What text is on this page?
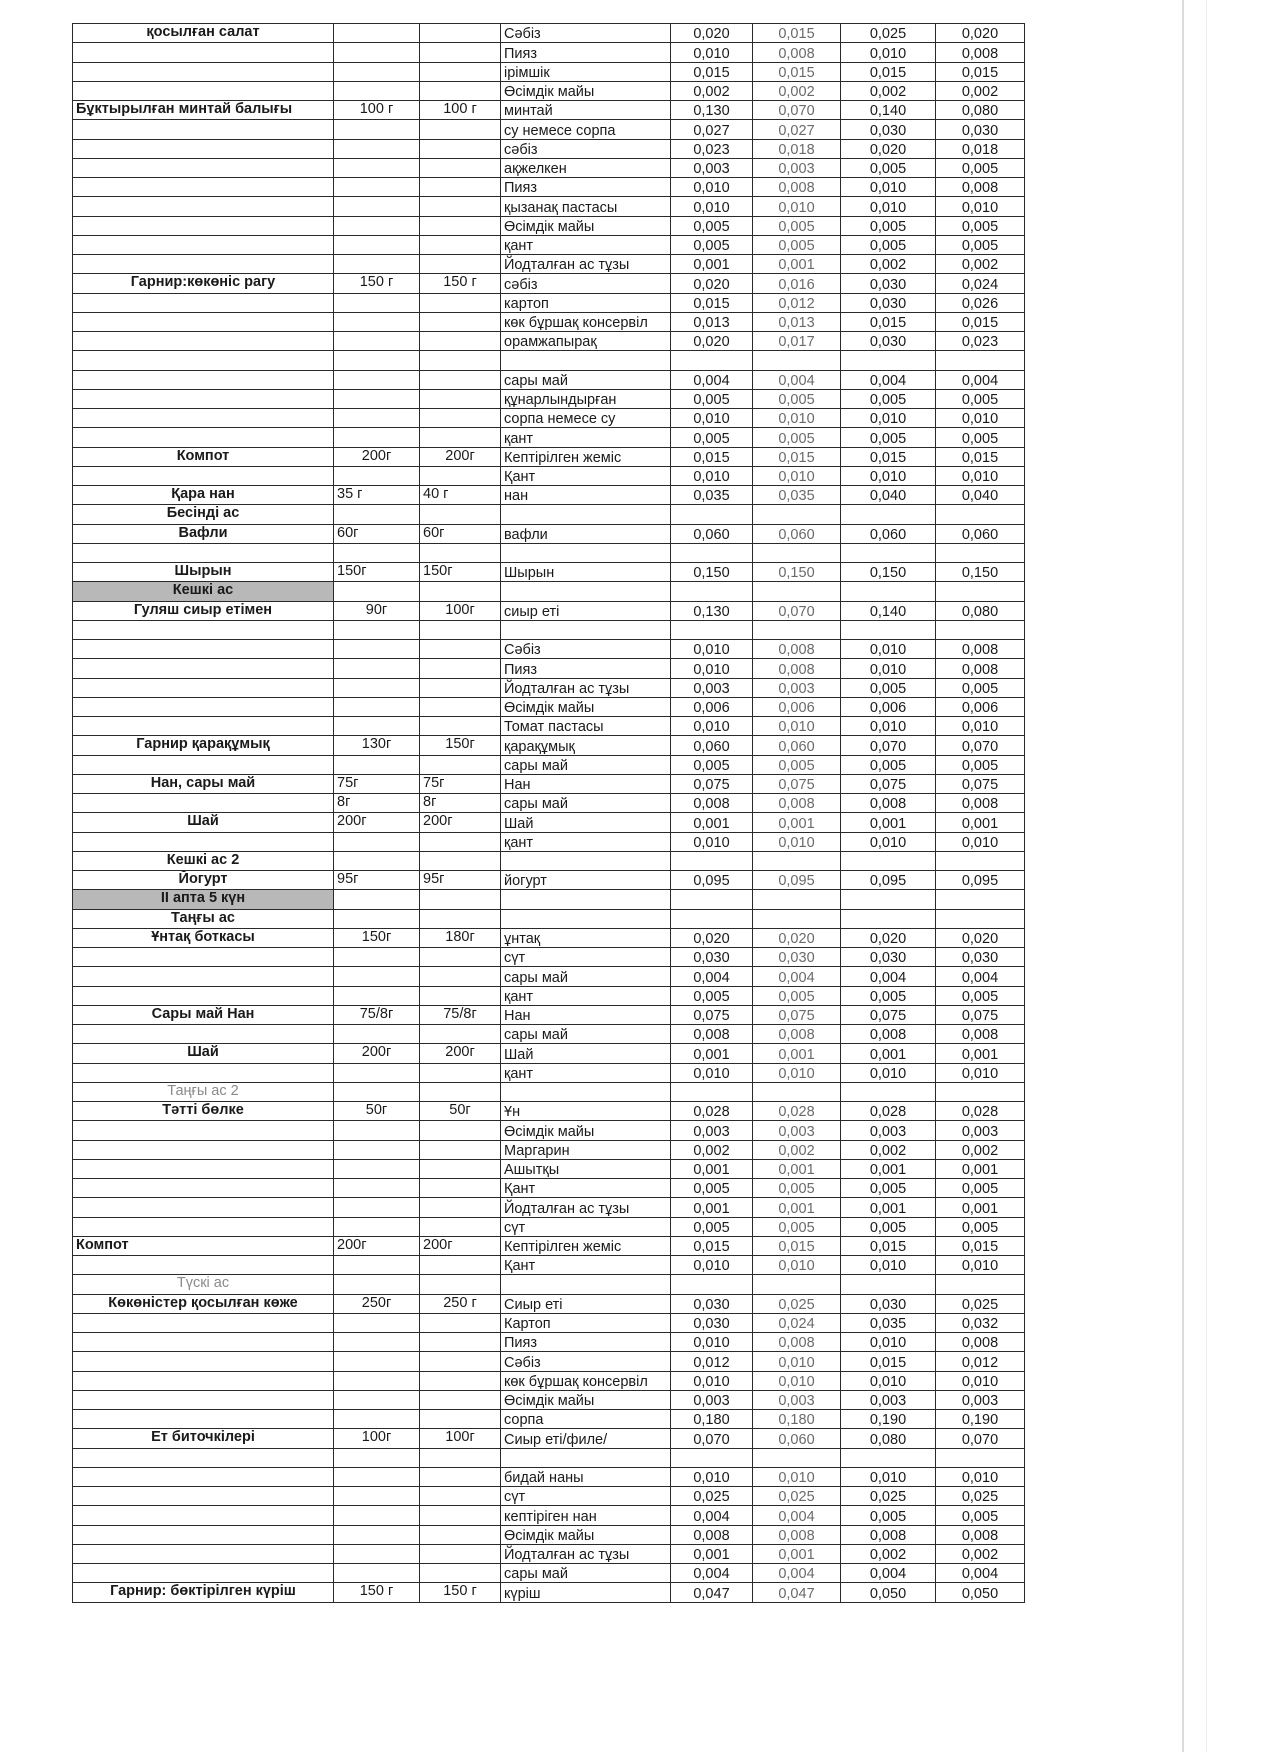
қосылған салат			Сәбіз	0,020	0,015	0,025	0,020
			Пияз	0,010	0,008	0,010	0,008
			ірімшік	0,015	0,015	0,015	0,015
			Өсімдік майы	0,002	0,002	0,002	0,002
Бұктырылған минтай балығы	100 г	100 г	минтай	0,130	0,070	0,140	0,080
			су немесе сорпа	0,027	0,027	0,030	0,030
			сәбіз	0,023	0,018	0,020	0,018
			ақжелкен	0,003	0,003	0,005	0,005
			Пияз	0,010	0,008	0,010	0,008
			қызанақ пастасы	0,010	0,010	0,010	0,010
			Өсімдік майы	0,005	0,005	0,005	0,005
			қант	0,005	0,005	0,005	0,005
			Йодталған ас тұзы	0,001	0,001	0,002	0,002
Гарнир:көкөніс рагу	150 г	150 г	сәбіз	0,020	0,016	0,030	0,024
			картоп	0,015	0,012	0,030	0,026
			көк бұршақ консервіл	0,013	0,013	0,015	0,015
			орамжапырақ	0,020	0,017	0,030	0,023

			сары май	0,004	0,004	0,004	0,004
			құнарлындырған	0,005	0,005	0,005	0,005
			сорпа немесе су	0,010	0,010	0,010	0,010
			қант	0,005	0,005	0,005	0,005
Компот	200г	200г	Кептірілген жеміс	0,015	0,015	0,015	0,015
			Қант	0,010	0,010	0,010	0,010
Қара нан	35 г	40 г	нан	0,035	0,035	0,040	0,040
Бесінді ас							
Вафли	60г	60г	вафли	0,060	0,060	0,060	0,060

Шырын	150г	150г	Шырын	0,150	0,150	0,150	0,150
Кешкі ас							
Гуляш сиыр етімен	90г	100г	сиыр еті	0,130	0,070	0,140	0,080

			Сәбіз	0,010	0,008	0,010	0,008
			Пияз	0,010	0,008	0,010	0,008
			Йодталған ас тұзы	0,003	0,003	0,005	0,005
			Өсімдік майы	0,006	0,006	0,006	0,006
			Томат пастасы	0,010	0,010	0,010	0,010
Гарнир қарақұмық	130г	150г	қарақұмық	0,060	0,060	0,070	0,070
			сары май	0,005	0,005	0,005	0,005
Нан, сары май	75г	75г	Нан	0,075	0,075	0,075	0,075
	8г	8г	сары май	0,008	0,008	0,008	0,008
Шай	200г	200г	Шай	0,001	0,001	0,001	0,001
			қант	0,010	0,010	0,010	0,010
Кешкі ас 2							
Йогурт	95г	95г	йогурт	0,095	0,095	0,095	0,095
ІІ апта 5 күн							
Таңғы ас							
Ұнтақ боткасы	150г	180г	ұнтақ	0,020	0,020	0,020	0,020
			сүт	0,030	0,030	0,030	0,030
			сары май	0,004	0,004	0,004	0,004
			қант	0,005	0,005	0,005	0,005
Сары май Нан	75/8г	75/8г	Нан	0,075	0,075	0,075	0,075
			сары май	0,008	0,008	0,008	0,008
Шай	200г	200г	Шай	0,001	0,001	0,001	0,001
			қант	0,010	0,010	0,010	0,010
Таңғы ас 2							
Тәтті бөлке	50г	50г	Ұн	0,028	0,028	0,028	0,028
			Өсімдік майы	0,003	0,003	0,003	0,003
			Маргарин	0,002	0,002	0,002	0,002
			Ашытқы	0,001	0,001	0,001	0,001
			Қант	0,005	0,005	0,005	0,005
			Йодталған ас тұзы	0,001	0,001	0,001	0,001
			сүт	0,005	0,005	0,005	0,005
Компот	200г	200г	Кептірілген жеміс	0,015	0,015	0,015	0,015
			Қант	0,010	0,010	0,010	0,010
Түскі ас							
Көкөністер қосылған көже	250г	250 г	Сиыр еті	0,030	0,025	0,030	0,025
			Картоп	0,030	0,024	0,035	0,032
			Пияз	0,010	0,008	0,010	0,008
			Сәбіз	0,012	0,010	0,015	0,012
			көк бұршақ консервіл	0,010	0,010	0,010	0,010
			Өсімдік майы	0,003	0,003	0,003	0,003
			сорпа	0,180	0,180	0,190	0,190
Ет биточкілері	100г	100г	Сиыр еті/филе/	0,070	0,060	0,080	0,070

			бидай наны	0,010	0,010	0,010	0,010
			сүт	0,025	0,025	0,025	0,025
			кептіріген нан	0,004	0,004	0,005	0,005
			Өсімдік майы	0,008	0,008	0,008	0,008
			Йодталған ас тұзы	0,001	0,001	0,002	0,002
			сары май	0,004	0,004	0,004	0,004
Гарнир: бөктірілген күріш	150 г	150 г	күріш	0,047	0,047	0,050	0,050
